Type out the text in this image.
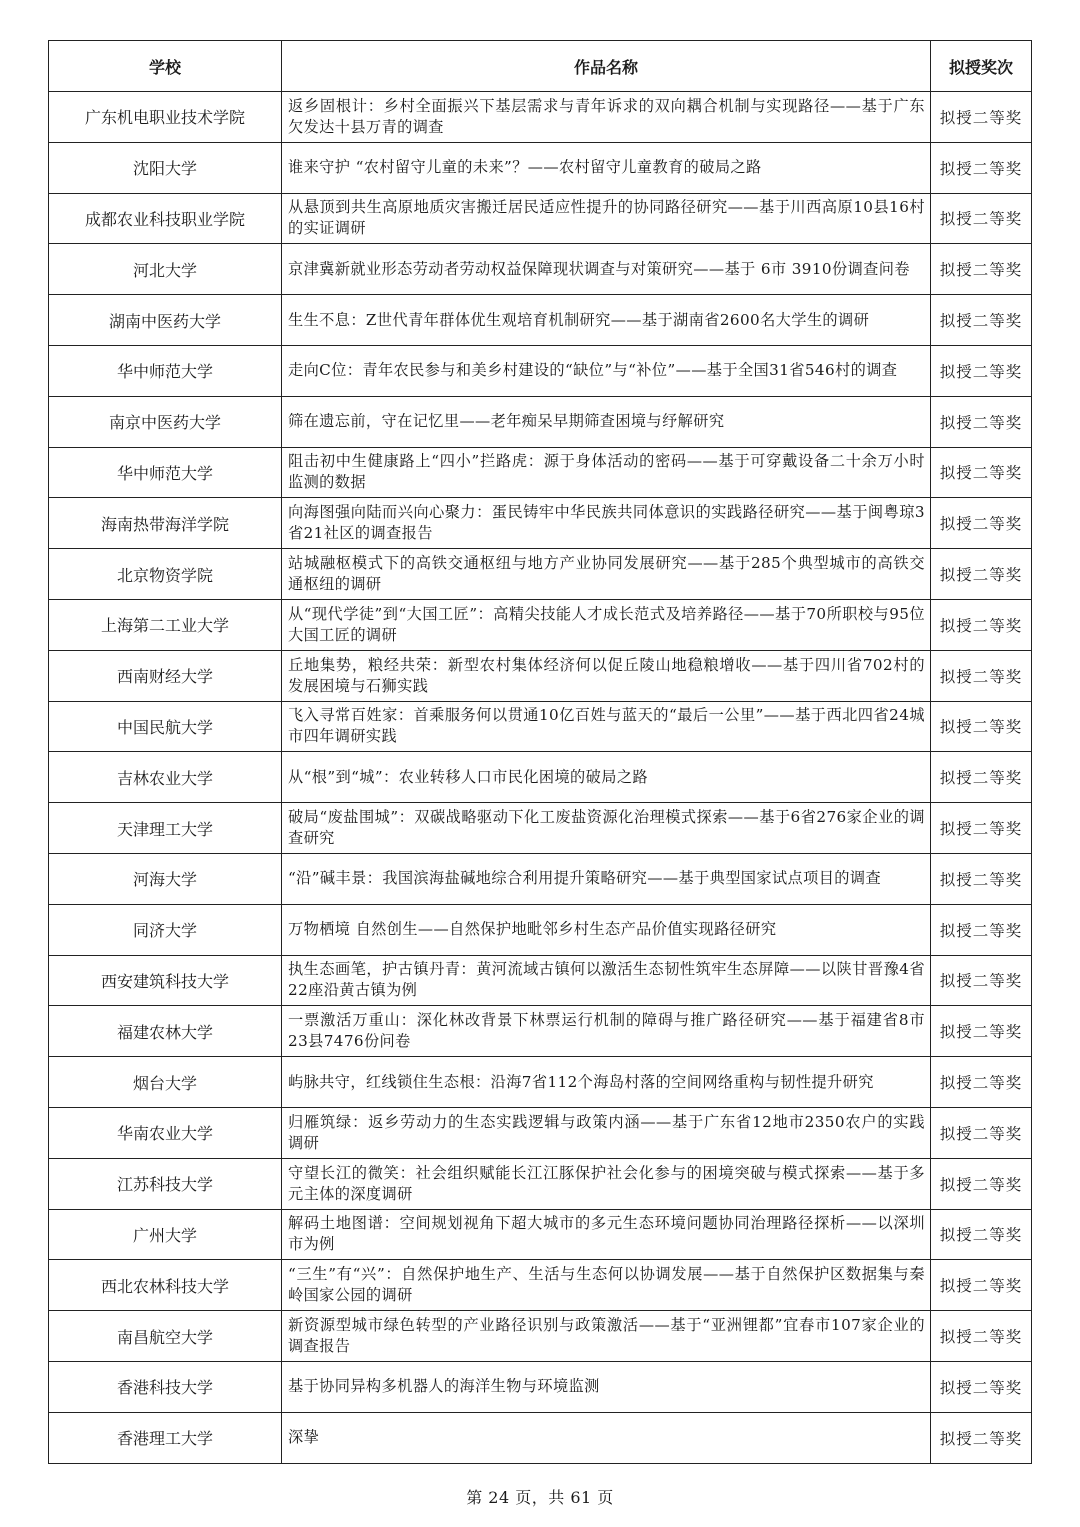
学校	作品名称	拟授奖次
广东机电职业技术学院	返乡固根计：乡村全面振兴下基层需求与青年诉求的双向耦合机制与实现路径——基于广东欠发达十县万青的调查	拟授二等奖
沈阳大学	谁来守护 “农村留守儿童的未来”？——农村留守儿童教育的破局之路	拟授二等奖
成都农业科技职业学院	从悬顶到共生高原地质灾害搬迁居民适应性提升的协同路径研究——基于川西高原10县16村的实证调研	拟授二等奖
河北大学	京津冀新就业形态劳动者劳动权益保障现状调查与对策研究——基于 6市 3910份调查问卷	拟授二等奖
湖南中医药大学	生生不息：Z世代青年群体优生观培育机制研究——基于湖南省2600名大学生的调研	拟授二等奖
华中师范大学	走向C位：青年农民参与和美乡村建设的“缺位”与“补位”——基于全国31省546村的调查	拟授二等奖
南京中医药大学	筛在遗忘前，守在记忆里——老年痴呆早期筛查困境与纾解研究	拟授二等奖
华中师范大学	阻击初中生健康路上“四小”拦路虎：源于身体活动的密码——基于可穿戴设备二十余万小时监测的数据	拟授二等奖
海南热带海洋学院	向海图强向陆而兴向心聚力：蛋民铸牢中华民族共同体意识的实践路径研究——基于闽粤琼3省21社区的调查报告	拟授二等奖
北京物资学院	站城融枢模式下的高铁交通枢纽与地方产业协同发展研究——基于285个典型城市的高铁交通枢纽的调研	拟授二等奖
上海第二工业大学	从“现代学徒”到“大国工匠”：高精尖技能人才成长范式及培养路径——基于70所职校与95位大国工匠的调研	拟授二等奖
西南财经大学	丘地集势，粮经共荣：新型农村集体经济何以促丘陵山地稳粮增收——基于四川省702村的发展困境与石狮实践	拟授二等奖
中国民航大学	飞入寻常百姓家：首乘服务何以贯通10亿百姓与蓝天的“最后一公里”——基于西北四省24城市四年调研实践	拟授二等奖
吉林农业大学	从“根”到“城”：农业转移人口市民化困境的破局之路	拟授二等奖
天津理工大学	破局“废盐围城”：双碳战略驱动下化工废盐资源化治理模式探索——基于6省276家企业的调查研究	拟授二等奖
河海大学	“沿”碱丰景：我国滨海盐碱地综合利用提升策略研究——基于典型国家试点项目的调查	拟授二等奖
同济大学	万物栖境 自然创生——自然保护地毗邻乡村生态产品价值实现路径研究	拟授二等奖
西安建筑科技大学	执生态画笔，护古镇丹青：黄河流域古镇何以激活生态韧性筑牢生态屏障——以陕甘晋豫4省22座沿黄古镇为例	拟授二等奖
福建农林大学	一票激活万重山：深化林改背景下林票运行机制的障碍与推广路径研究——基于福建省8市23县7476份问卷	拟授二等奖
烟台大学	屿脉共守，红线锁住生态根：沿海7省112个海岛村落的空间网络重构与韧性提升研究	拟授二等奖
华南农业大学	归雁筑绿：返乡劳动力的生态实践逻辑与政策内涵——基于广东省12地市2350农户的实践调研	拟授二等奖
江苏科技大学	守望长江的微笑：社会组织赋能长江江豚保护社会化参与的困境突破与模式探索——基于多元主体的深度调研	拟授二等奖
广州大学	解码土地图谱：空间规划视角下超大城市的多元生态环境问题协同治理路径探析——以深圳市为例	拟授二等奖
西北农林科技大学	“三生”有“兴”：自然保护地生产、生活与生态何以协调发展——基于自然保护区数据集与秦岭国家公园的调研	拟授二等奖
南昌航空大学	新资源型城市绿色转型的产业路径识别与政策激活——基于“亚洲锂都”宜春市107家企业的调查报告	拟授二等奖
香港科技大学	基于协同异构多机器人的海洋生物与环境监测	拟授二等奖
香港理工大学	深挚	拟授二等奖
第 24 页，共 61 页
